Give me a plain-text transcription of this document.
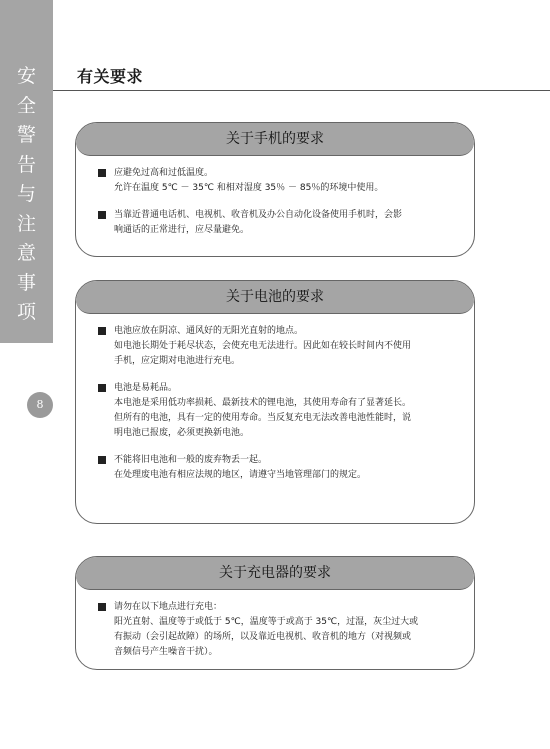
安
全
警
告
与
注
意
事
项
8
有关要求
关于手机的要求
应避免过高和过低温度。
允许在温度 5℃ － 35℃ 和相对湿度 35％ － 85％的环境中使用。
当靠近普通电话机、电视机、收音机及办公自动化设备使用手机时，会影
响通话的正常进行，应尽量避免。
关于电池的要求
电池应放在阴凉、通风好的无阳光直射的地点。
如电池长期处于耗尽状态，会使充电无法进行。因此如在较长时间内不使用
手机，应定期对电池进行充电。
电池是易耗品。
本电池是采用低功率损耗、最新技术的锂电池，其使用寿命有了显著延长。
但所有的电池，具有一定的使用寿命。当反复充电无法改善电池性能时，说
明电池已报废，必须更换新电池。
不能将旧电池和一般的废弃物丢一起。
在处理废电池有相应法规的地区，请遵守当地管理部门的规定。
关于充电器的要求
请勿在以下地点进行充电：
阳光直射、温度等于或低于 5℃，温度等于或高于 35℃，过湿，灰尘过大或
有振动（会引起故障）的场所，以及靠近电视机、收音机的地方（对视频或
音频信号产生噪音干扰）。
